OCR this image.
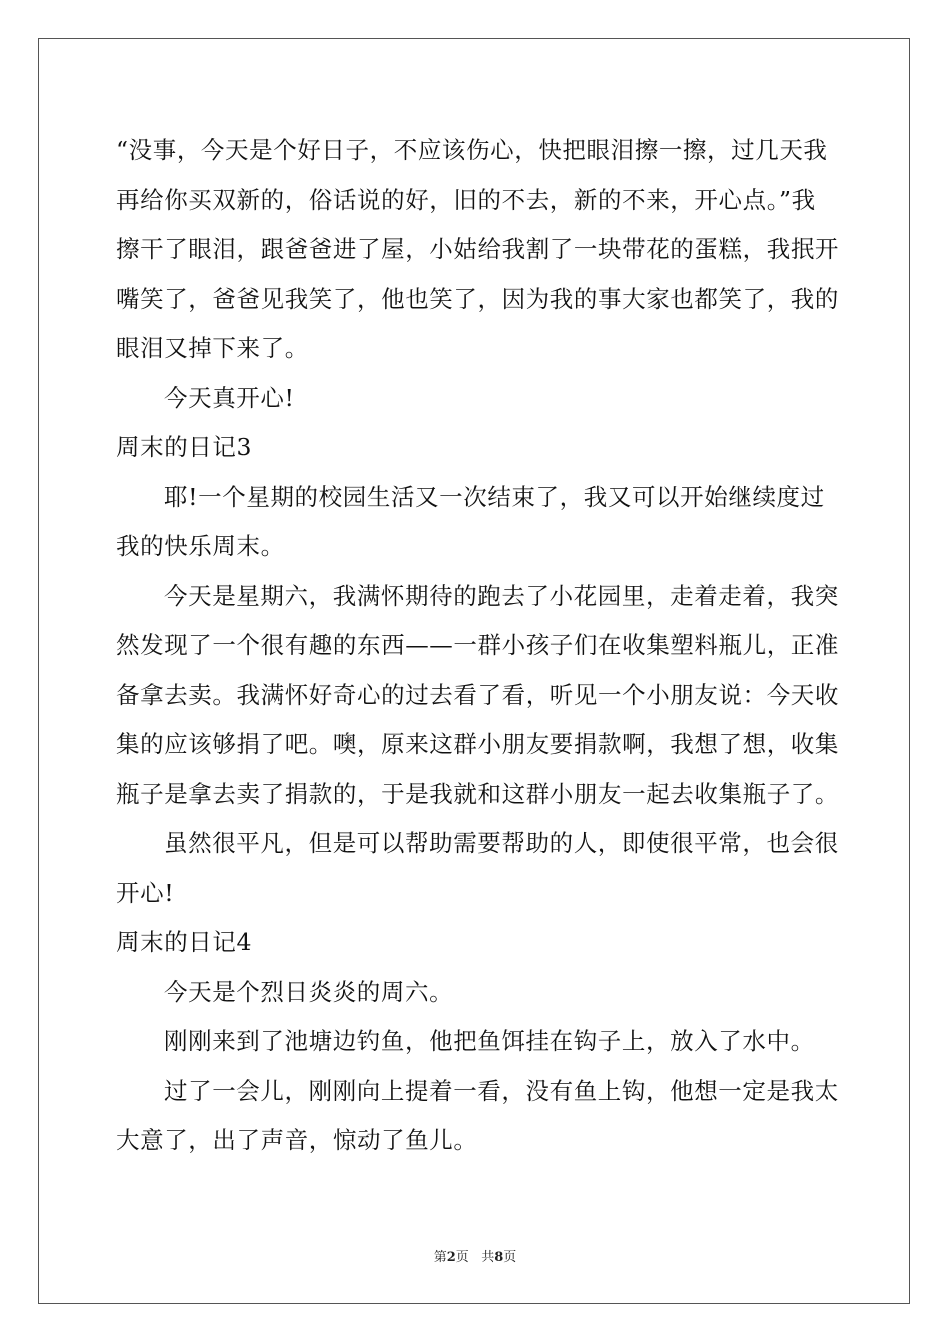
“没事，今天是个好日子，不应该伤心，快把眼泪擦一擦，过几天我
再给你买双新的，俗话说的好，旧的不去，新的不来，开心点。”我
擦干了眼泪，跟爸爸进了屋，小姑给我割了一块带花的蛋糕，我抿开
嘴笑了，爸爸见我笑了，他也笑了，因为我的事大家也都笑了，我的
眼泪又掉下来了。
今天真开心!
周末的日记3
耶!一个星期的校园生活又一次结束了，我又可以开始继续度过
我的快乐周末。
今天是星期六，我满怀期待的跑去了小花园里，走着走着，我突
然发现了一个很有趣的东西——一群小孩子们在收集塑料瓶儿，正准
备拿去卖。我满怀好奇心的过去看了看，听见一个小朋友说：今天收
集的应该够捐了吧。噢，原来这群小朋友要捐款啊，我想了想，收集
瓶子是拿去卖了捐款的，于是我就和这群小朋友一起去收集瓶子了。
虽然很平凡，但是可以帮助需要帮助的人，即使很平常，也会很
开心!
周末的日记4
今天是个烈日炎炎的周六。
刚刚来到了池塘边钓鱼，他把鱼饵挂在钩子上，放入了水中。
过了一会儿，刚刚向上提着一看，没有鱼上钩，他想一定是我太
大意了，出了声音，惊动了鱼儿。
第2页 共8页
